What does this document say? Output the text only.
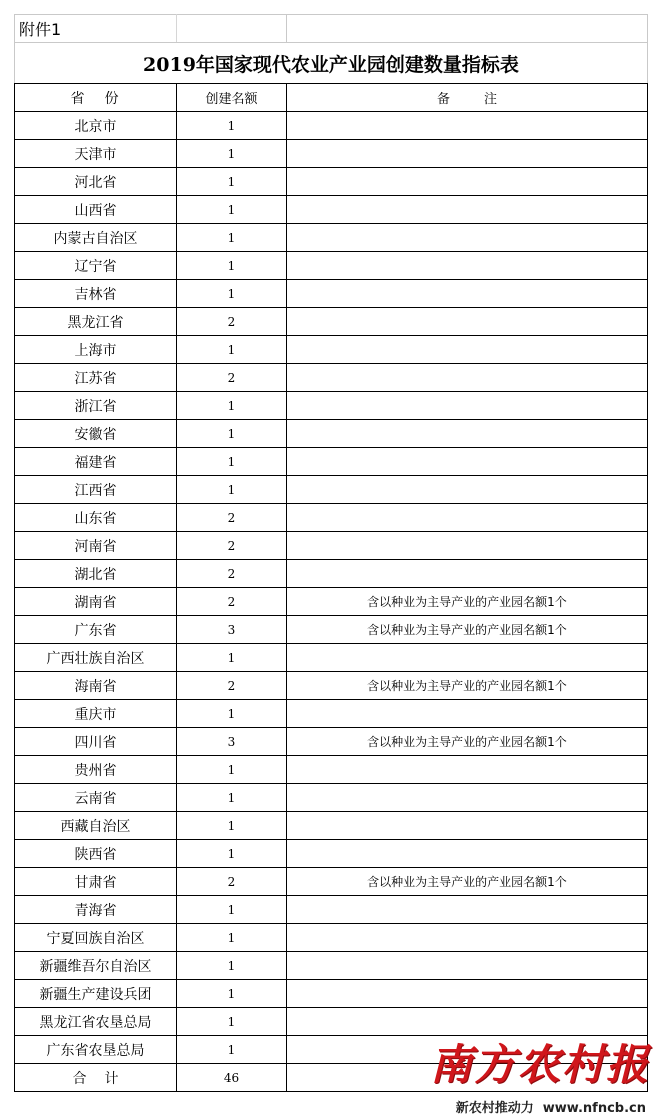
附件1		
2019年国家现代农业产业园创建数量指标表		
省 份	创建名额	备 注
北京市	1	
天津市	1	
河北省	1	
山西省	1	
内蒙古自治区	1	
辽宁省	1	
吉林省	1	
黑龙江省	2	
上海市	1	
江苏省	2	
浙江省	1	
安徽省	1	
福建省	1	
江西省	1	
山东省	2	
河南省	2	
湖北省	2	
湖南省	2	含以种业为主导产业的产业园名额1个
广东省	3	含以种业为主导产业的产业园名额1个
广西壮族自治区	1	
海南省	2	含以种业为主导产业的产业园名额1个
重庆市	1	
四川省	3	含以种业为主导产业的产业园名额1个
贵州省	1	
云南省	1	
西藏自治区	1	
陕西省	1	
甘肃省	2	含以种业为主导产业的产业园名额1个
青海省	1	
宁夏回族自治区	1	
新疆维吾尔自治区	1	
新疆生产建设兵团	1	
黑龙江省农垦总局	1	
广东省农垦总局	1	
合 计	46		南方农村报
新农村推动力 www.nfncb.cn
